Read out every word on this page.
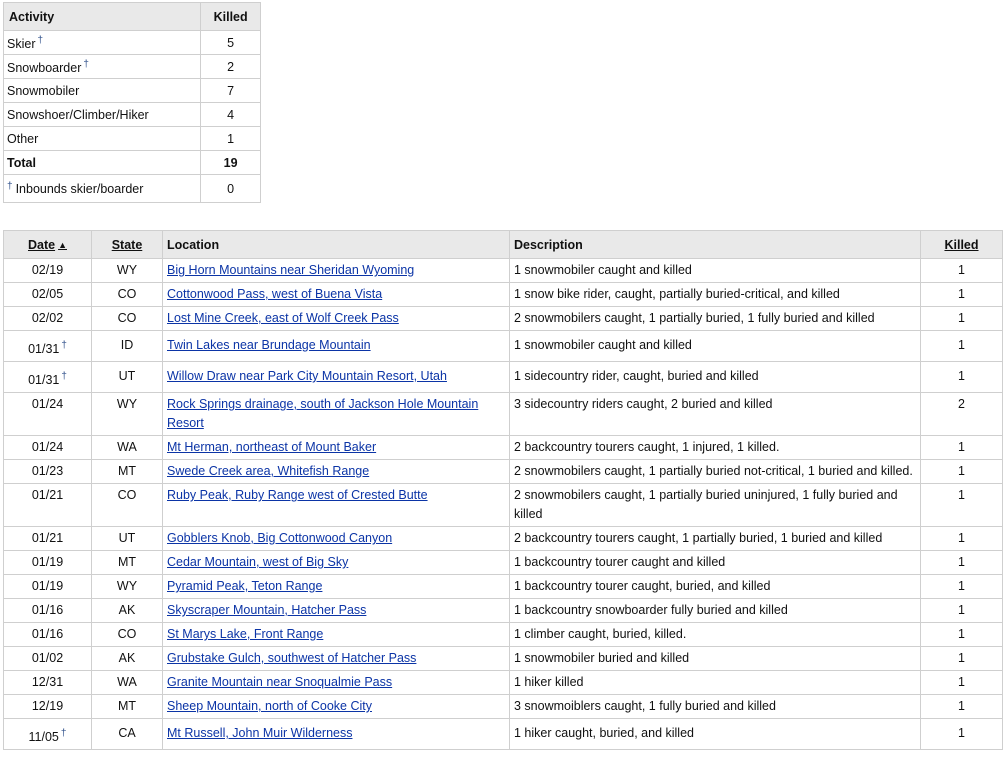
Activity	Killed
Skier †	5
Snowboarder †	2
Snowmobiler	7
Snowshoer/Climber/Hiker	4
Other	1
Total	19
† Inbounds skier/boarder	0
Date ▲	State	Location	Description	Killed
02/19	WY	Big Horn Mountains near Sheridan Wyoming	1 snowmobiler caught and killed	1
02/05	CO	Cottonwood Pass, west of Buena Vista	1 snow bike rider, caught, partially buried-critical, and killed	1
02/02	CO	Lost Mine Creek, east of Wolf Creek Pass	2 snowmobilers caught, 1 partially buried, 1 fully buried and killed	1
01/31 †	ID	Twin Lakes near Brundage Mountain	1 snowmobiler caught and killed	1
01/31 †	UT	Willow Draw near Park City Mountain Resort, Utah	1 sidecountry rider, caught, buried and killed	1
01/24	WY	Rock Springs drainage, south of Jackson Hole Mountain Resort	3 sidecountry riders caught, 2 buried and killed	2
01/24	WA	Mt Herman, northeast of Mount Baker	2 backcountry tourers caught, 1 injured, 1 killed.	1
01/23	MT	Swede Creek area, Whitefish Range	2 snowmobilers caught, 1 partially buried not-critical, 1 buried and killed.	1
01/21	CO	Ruby Peak, Ruby Range west of Crested Butte	2 snowmobilers caught, 1 partially buried uninjured, 1 fully buried and killed	1
01/21	UT	Gobblers Knob, Big Cottonwood Canyon	2 backcountry tourers caught, 1 partially buried, 1 buried and killed	1
01/19	MT	Cedar Mountain, west of Big Sky	1 backcountry tourer caught and killed	1
01/19	WY	Pyramid Peak, Teton Range	1 backcountry tourer caught, buried, and killed	1
01/16	AK	Skyscraper Mountain, Hatcher Pass	1 backcountry snowboarder fully buried and killed	1
01/16	CO	St Marys Lake, Front Range	1 climber caught, buried, killed.	1
01/02	AK	Grubstake Gulch, southwest of Hatcher Pass	1 snowmobiler buried and killed	1
12/31	WA	Granite Mountain near Snoqualmie Pass	1 hiker killed	1
12/19	MT	Sheep Mountain, north of Cooke City	3 snowmoiblers caught, 1 fully buried and killed	1
11/05 †	CA	Mt Russell, John Muir Wilderness	1 hiker caught, buried, and killed	1
